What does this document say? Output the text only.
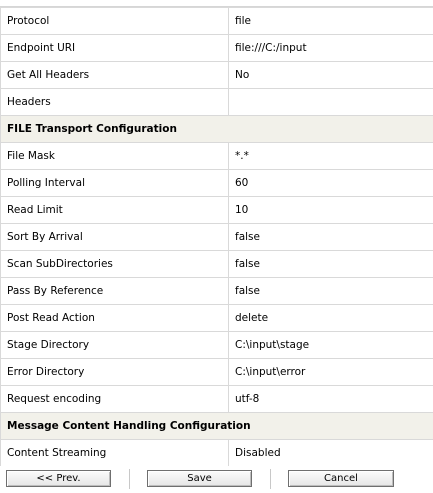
Protocol	file
Endpoint URI	file:///C:/input
Get All Headers	No
Headers	
FILE Transport Configuration	
File Mask	*.*
Polling Interval	60
Read Limit	10
Sort By Arrival	false
Scan SubDirectories	false
Pass By Reference	false
Post Read Action	delete
Stage Directory	C:\input\stage
Error Directory	C:\input\error
Request encoding	utf-8
Message Content Handling Configuration	
Content Streaming	Disabled
<< Prev.	Save	Cancel
